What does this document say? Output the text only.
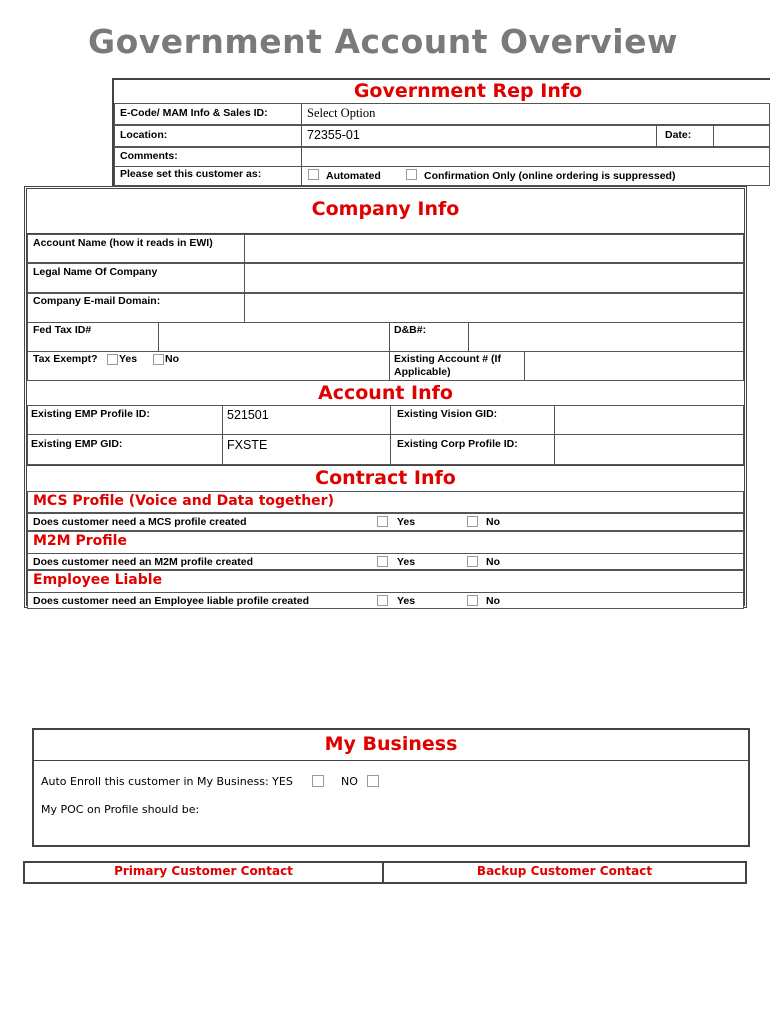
Government Account Overview
Government Rep Info
E-Code/ MAM Info & Sales ID:	Select Option
Location:	72355-01	Date:
Comments:
Please set this customer as:	Automated	Confirmation Only (online ordering is suppressed)
Company Info
Account Name (how it reads in EWI)
Legal Name Of Company
Company E-mail Domain:
Fed Tax ID#	D&B#:
Tax Exempt? Yes	No	Existing Account # (If
Applicable)
Account Info
Existing EMP Profile ID:	521501	Existing Vision GID:
Existing EMP GID:	FXSTE	Existing Corp Profile ID:
Contract Info
MCS Profile (Voice and Data together)
Does customer need a MCS profile created	Yes	No
M2M Profile
Does customer need an M2M profile created	Yes	No
Employee Liable
Does customer need an Employee liable profile created	Yes	No
My Business
Auto Enroll this customer in My Business: YES	NO
My POC on Profile should be:
Primary Customer Contact	Backup Customer Contact
